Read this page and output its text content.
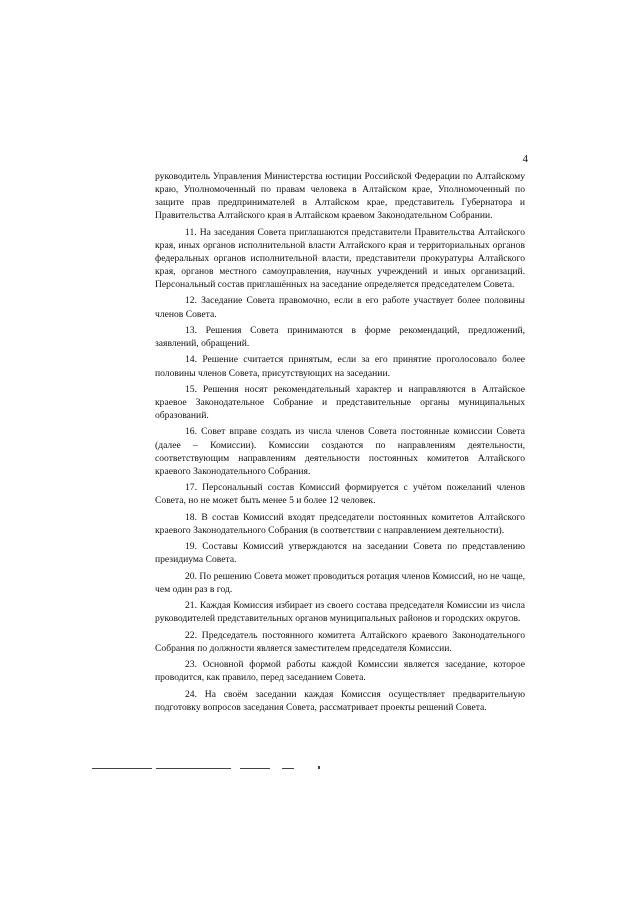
4

руководитель Управления Министерства юстиции Российской Федерации по Алтайскому краю, Уполномоченный по правам человека в Алтайском крае, Уполномоченный по защите прав предпринимателей в Алтайском крае, представитель Губернатора и Правительства Алтайского края в Алтайском краевом Законодательном Собрании.

11. На заседания Совета приглашаются представители Правительства Алтайского края, иных органов исполнительной власти Алтайского края и территориальных органов федеральных органов исполнительной власти, представители прокуратуры Алтайского края, органов местного самоуправления, научных учреждений и иных организаций. Персональный состав приглашённых на заседание определяется председателем Совета.

12. Заседание Совета правомочно, если в его работе участвует более половины членов Совета.

13. Решения Совета принимаются в форме рекомендаций, предложений, заявлений, обращений.

14. Решение считается принятым, если за его принятие проголосовало более половины членов Совета, присутствующих на заседании.

15. Решения носят рекомендательный характер и направляются в Алтайское краевое Законодательное Собрание и представительные органы муниципальных образований.

16. Совет вправе создать из числа членов Совета постоянные комиссии Совета (далее – Комиссии). Комиссии создаются по направлениям деятельности, соответствующим направлениям деятельности постоянных комитетов Алтайского краевого Законодательного Собрания.

17. Персональный состав Комиссий формируется с учётом пожеланий членов Совета, но не может быть менее 5 и более 12 человек.

18. В состав Комиссий входят председатели постоянных комитетов Алтайского краевого Законодательного Собрания (в соответствии с направлением деятельности).

19. Составы Комиссий утверждаются на заседании Совета по представлению президиума Совета.

20. По решению Совета может проводиться ротация членов Комиссий, но не чаще, чем один раз в год.

21. Каждая Комиссия избирает из своего состава председателя Комиссии из числа руководителей представительных органов муниципальных районов и городских округов.

22. Председатель постоянного комитета Алтайского краевого Законодательного Собрания по должности является заместителем председателя Комиссии.

23. Основной формой работы каждой Комиссии является заседание, которое проводится, как правило, перед заседанием Совета.

24. На своём заседании каждая Комиссия осуществляет предварительную подготовку вопросов заседания Совета, рассматривает проекты решений Совета.
